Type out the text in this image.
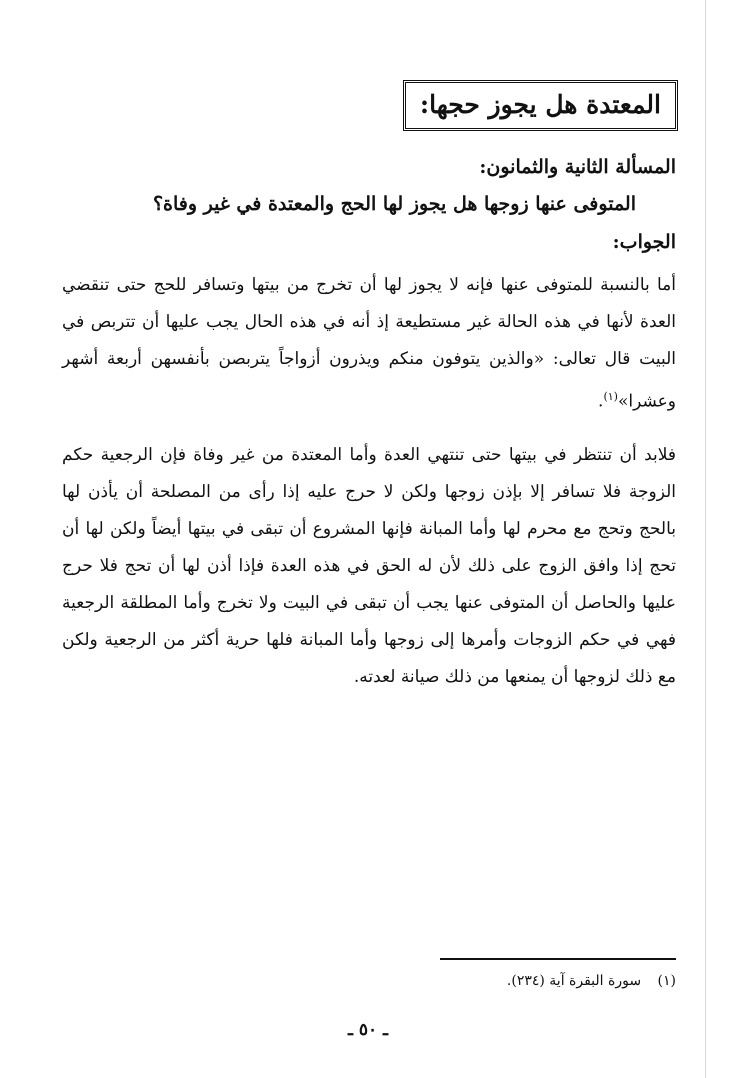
المعتدة هل يجوز حجها:
المسألة الثانية والثمانون:
المتوفى عنها زوجها هل يجوز لها الحج والمعتدة في غير وفاة؟
الجواب:

أما بالنسبة للمتوفى عنها فإنه لا يجوز لها أن تخرج من بيتها وتسافر للحج حتى تنقضي العدة لأنها في هذه الحالة غير مستطيعة إذ أنه في هذه الحال يجب عليها أن تتربص في البيت قال تعالى: «والذين يتوفون منكم ويذرون أزواجاً يتربصن بأنفسهن أربعة أشهر وعشرا»$^{(١)}$.

فلابد أن تنتظر في بيتها حتى تنتهي العدة وأما المعتدة من غير وفاة فإن الرجعية حكم الزوجة فلا تسافر إلا بإذن زوجها ولكن لا حرج عليه إذا رأى من المصلحة أن يأذن لها بالحج وتحج مع محرم لها وأما المبانة فإنها المشروع أن تبقى في بيتها أيضاً ولكن لها أن تحج إذا وافق الزوج على ذلك لأن له الحق في هذه العدة فإذا أذن لها أن تحج فلا حرج عليها والحاصل أن المتوفى عنها يجب أن تبقى في البيت ولا تخرج وأما المطلقة الرجعية فهي في حكم الزوجات وأمرها إلى زوجها وأما المبانة فلها حرية أكثر من الرجعية ولكن مع ذلك لزوجها أن يمنعها من ذلك صيانة لعدته.

(١) سورة البقرة آية (٢٣٤).
ـ ٥٠ ـ
